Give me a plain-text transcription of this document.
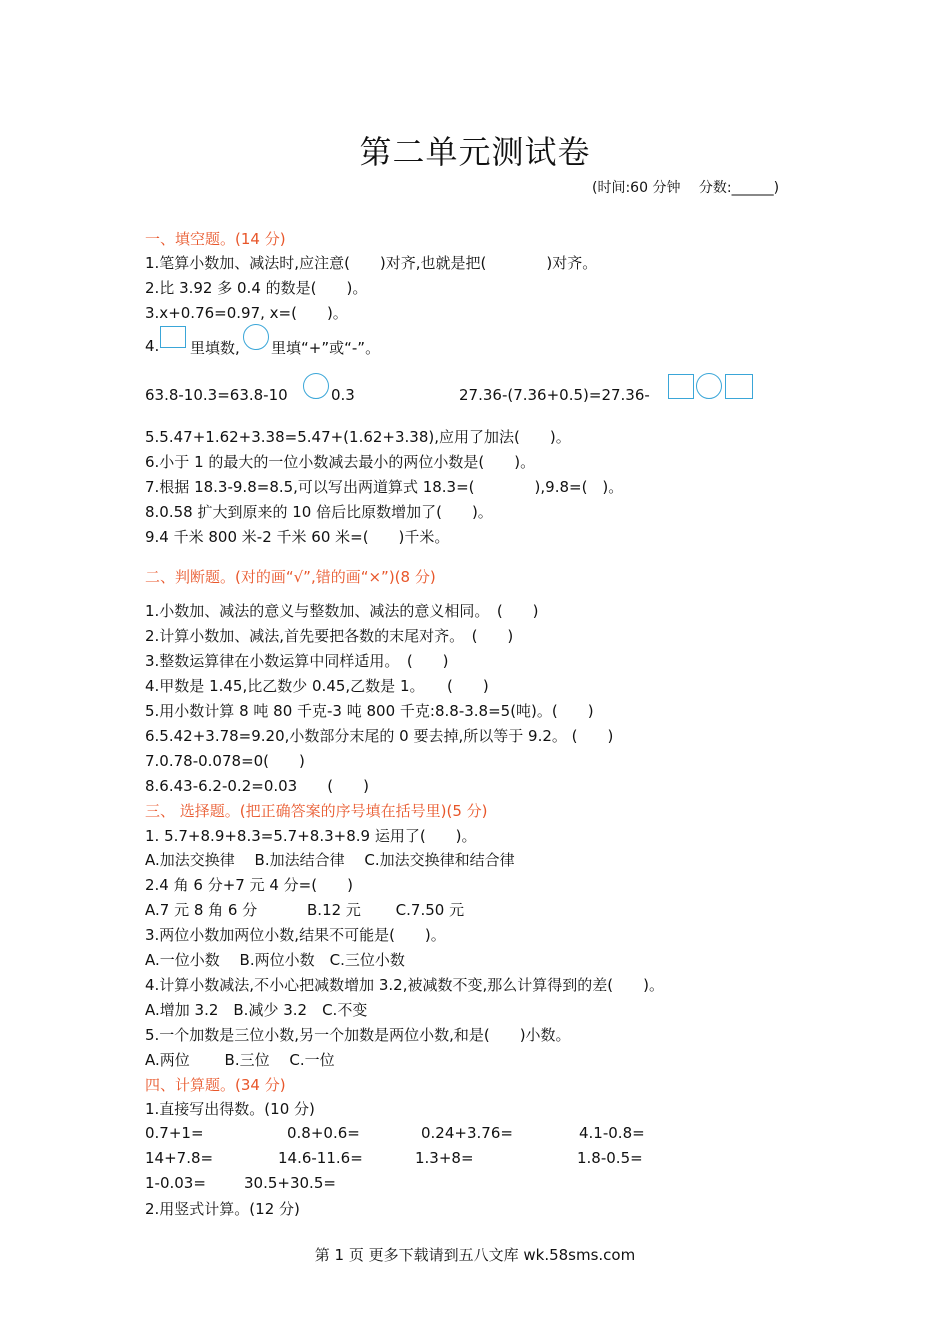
第二单元测试卷
(时间:60 分钟　 分数:______)
一、填空题。(14 分)
1.笔算小数加、减法时,应注意(　　)对齐,也就是把(　　　　)对齐。
2.比 3.92 多 0.4 的数是(　　)。
3.x+0.76=0.97, x=(　　)。
4. 里填数, 里填“+”或“-”。
63.8-10.3=63.8-10	0.3	27.36-(7.36+0.5)=27.36-
5.5.47+1.62+3.38=5.47+(1.62+3.38),应用了加法(　　)。
6.小于 1 的最大的一位小数减去最小的两位小数是(　　)。
7.根据 18.3-9.8=8.5,可以写出两道算式 18.3=(　　　　),9.8=(　)。
8.0.58 扩大到原来的 10 倍后比原数增加了(　　)。
9.4 千米 800 米-2 千米 60 米=(　　)千米。
二、判断题。(对的画“√”,错的画“×”)(8 分)
1.小数加、减法的意义与整数加、减法的意义相同。　(　　)
2.计算小数加、减法,首先要把各数的末尾对齐。　(　　)
3.整数运算律在小数运算中同样适用。　(　　)
4.甲数是 1.45,比乙数少 0.45,乙数是 1。　　(　　)
5.用小数计算 8 吨 80 千克-3 吨 800 千克:8.8-3.8=5(吨)。(　　)
6.5.42+3.78=9.20,小数部分末尾的 0 要去掉,所以等于 9.2。 (　　)
7.0.78-0.078=0(　　)
8.6.43-6.2-0.2=0.03　　(　　)
三、 选择题。(把正确答案的序号填在括号里)(5 分)
1. 5.7+8.9+8.3=5.7+8.3+8.9 运用了(　　)。
A.加法交换律　 B.加法结合律　 C.加法交换律和结合律
2.4 角 6 分+7 元 4 分=(　　)
A.7 元 8 角 6 分　　　 B.12 元　　 C.7.50 元
3.两位小数加两位小数,结果不可能是(　　)。
A.一位小数　 B.两位小数　C.三位小数
4.计算小数减法,不小心把减数增加 3.2,被减数不变,那么计算得到的差(　　)。
A.增加 3.2　B.减少 3.2　C.不变
5.一个加数是三位小数,另一个加数是两位小数,和是(　　)小数。
A.两位　　 B.三位　 C.一位
四、计算题。(34 分)
1.直接写出得数。(10 分)
0.7+1=	0.8+0.6=	0.24+3.76=	4.1-0.8=
14+7.8=	14.6-11.6=	1.3+8=	1.8-0.5=
1-0.03=	30.5+30.5=
2.用竖式计算。(12 分)
第 1 页 更多下载请到五八文库 wk.58sms.com
